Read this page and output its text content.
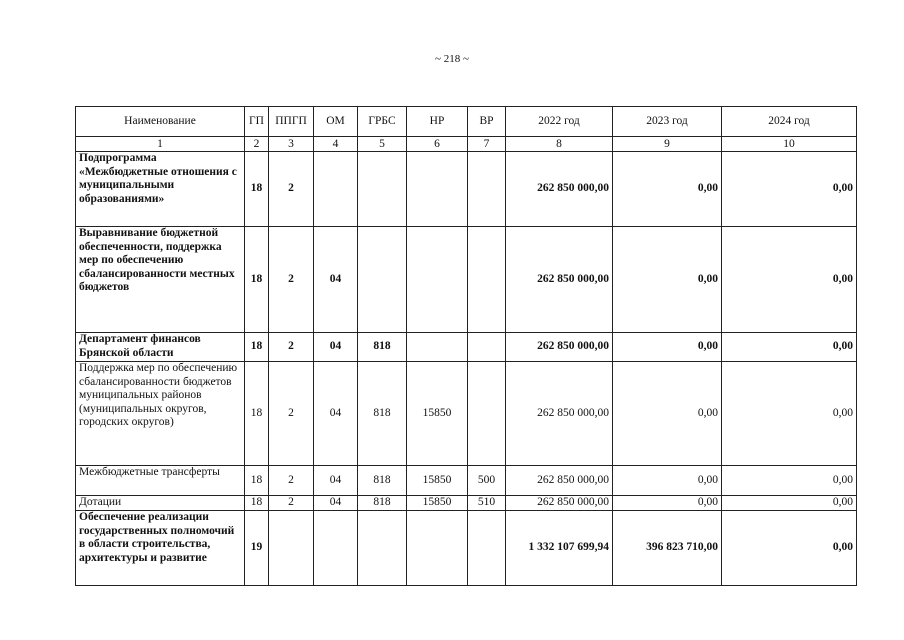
~ 218 ~
Наименование	ГП	ППГП	ОМ	ГРБС	НР	ВР	2022 год	2023 год	2024 год
1	2	3	4	5	6	7	8	9	10
Подпрограмма «Межбюджетные отношения с муниципальными образованиями»	18	2					262 850 000,00	0,00	0,00
Выравнивание бюджетной обеспеченности, поддержка мер по обеспечению сбалансированности местных бюджетов	18	2	04				262 850 000,00	0,00	0,00
Департамент финансов Брянской области	18	2	04	818			262 850 000,00	0,00	0,00
Поддержка мер по обеспечению сбалансированности бюджетов муниципальных районов (муниципальных округов, городских округов)	18	2	04	818	15850		262 850 000,00	0,00	0,00
Межбюджетные трансферты	18	2	04	818	15850	500	262 850 000,00	0,00	0,00
Дотации	18	2	04	818	15850	510	262 850 000,00	0,00	0,00
Обеспечение реализации государственных полномочий в области строительства, архитектуры и развитие	19						1 332 107 699,94	396 823 710,00	0,00
